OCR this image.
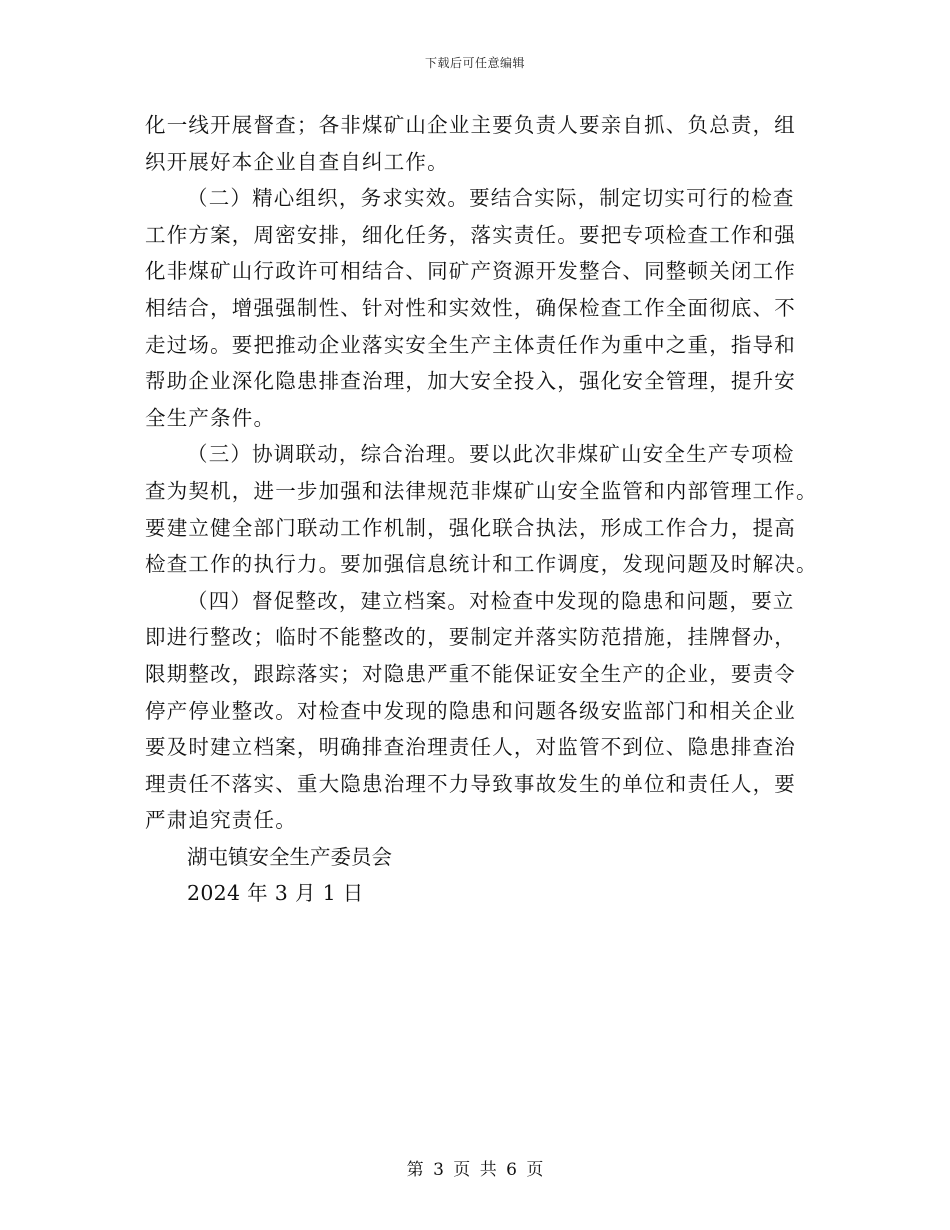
下载后可任意编辑

化一线开展督查；各非煤矿山企业主要负责人要亲自抓、负总责，组
织开展好本企业自查自纠工作。

（二）精心组织，务求实效。要结合实际，制定切实可行的检查
工作方案，周密安排，细化任务，落实责任。要把专项检查工作和强
化非煤矿山行政许可相结合、同矿产资源开发整合、同整顿关闭工作
相结合，增强强制性、针对性和实效性，确保检查工作全面彻底、不
走过场。要把推动企业落实安全生产主体责任作为重中之重，指导和
帮助企业深化隐患排查治理，加大安全投入，强化安全管理，提升安
全生产条件。

（三）协调联动，综合治理。要以此次非煤矿山安全生产专项检
查为契机，进一步加强和法律规范非煤矿山安全监管和内部管理工作。
要建立健全部门联动工作机制，强化联合执法，形成工作合力，提高
检查工作的执行力。要加强信息统计和工作调度，发现问题及时解决。

（四）督促整改，建立档案。对检查中发现的隐患和问题，要立
即进行整改；临时不能整改的，要制定并落实防范措施，挂牌督办，
限期整改，跟踪落实；对隐患严重不能保证安全生产的企业，要责令
停产停业整改。对检查中发现的隐患和问题各级安监部门和相关企业
要及时建立档案，明确排查治理责任人，对监管不到位、隐患排查治
理责任不落实、重大隐患治理不力导致事故发生的单位和责任人，要
严肃追究责任。

湖屯镇安全生产委员会

2024 年 3 月 1 日

第 3 页 共 6 页
